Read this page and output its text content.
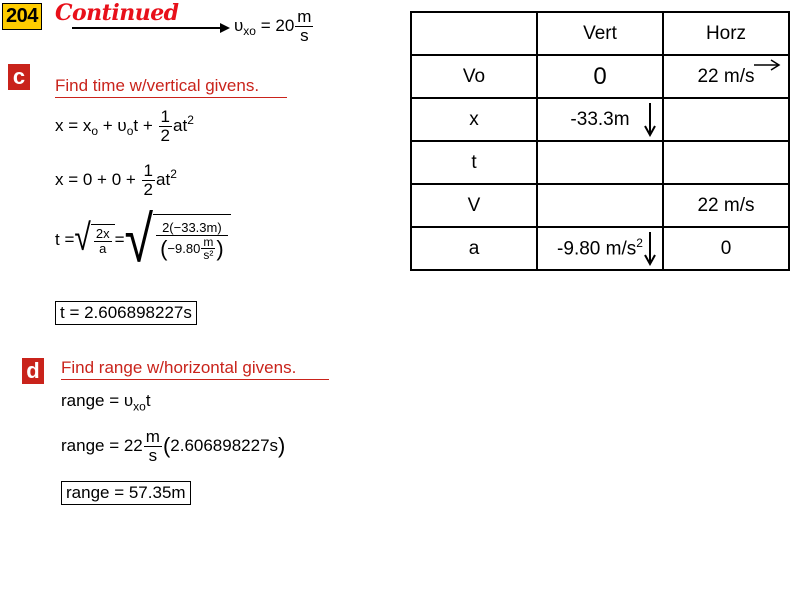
204 Continued	$\upsilon_{xo} = 20 \frac{m}{s}$
c Find time w/vertical givens.
$x = x_o + \upsilon_ot + \frac{1}{2} at^2$
$x = 0 + 0 + \frac{1}{2} at^2$
t = √ $\frac{2x}{a}$ = √ $\frac{2(-33.3m)}{( -9.80 \frac{m}{\text{s²}} )}$
t = 2.606898227s
d Find range w/horizontal givens.
range = $\upsilon_{xo}t$
range = $22 \frac{m}{s}$ ( 2.606898227s )
range = 57.35m
	Vert	Horz
Vo	0	22 m/s

x	-33.3m

t		
V		22 m/s
a	-9.80 $m/s^2$	0
